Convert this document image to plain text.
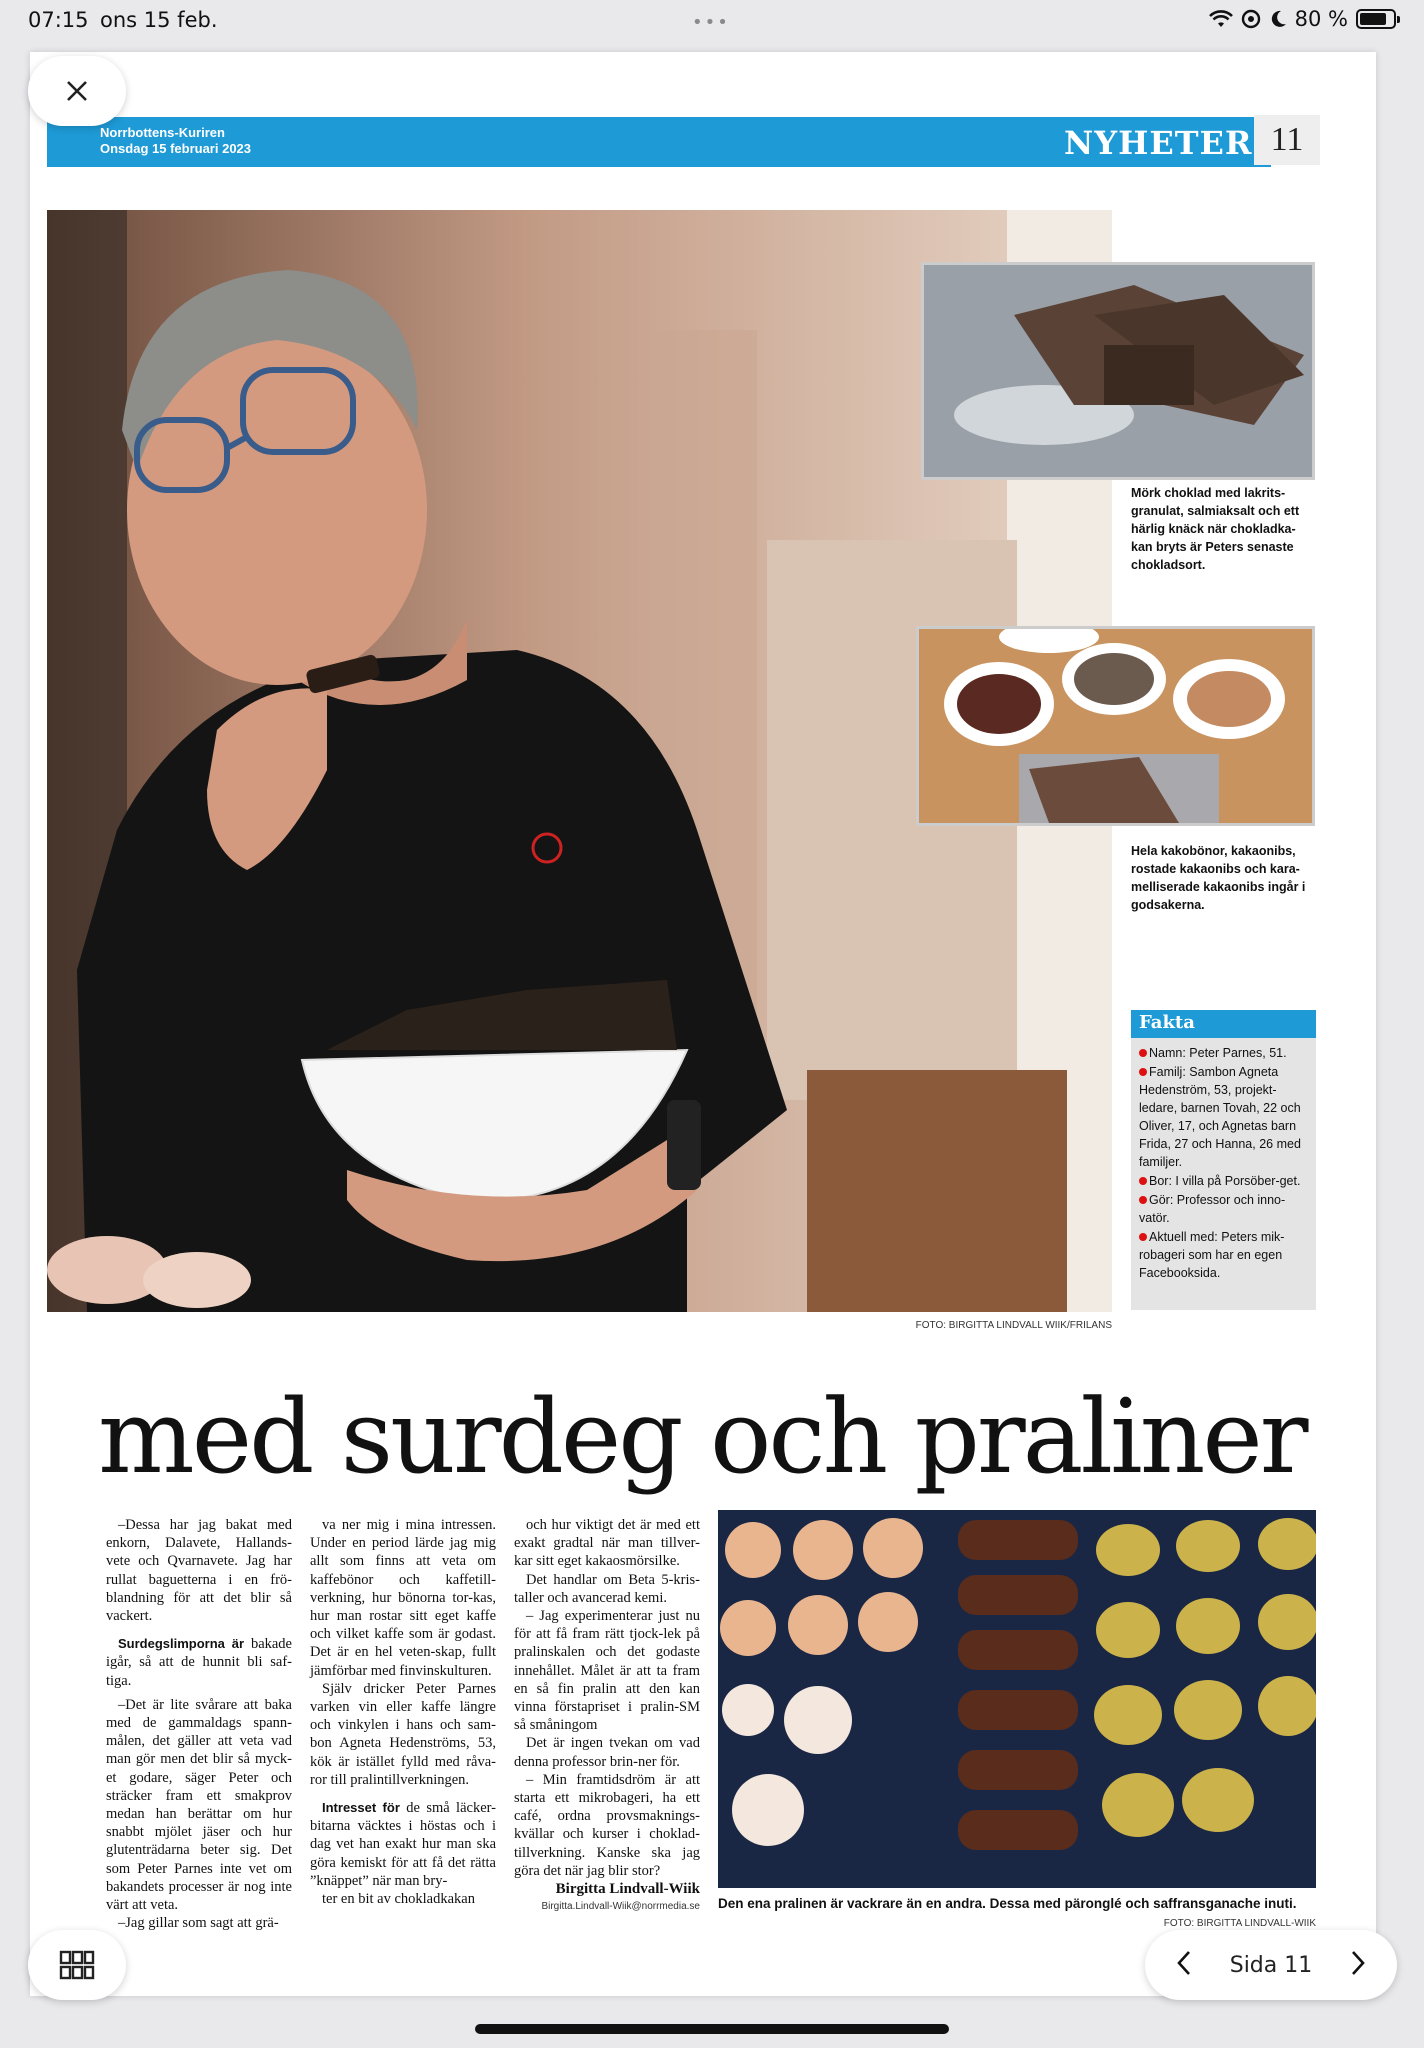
07:15 ons 15 feb.	•••	80 %
Norrbottens-Kuriren
Onsdag 15 februari 2023	NYHETER 11
FOTO: BIRGITTA LINDVALL WIIK/FRILANS
Mörk choklad med lakrits-granulat, salmiaksalt och ett härlig knäck när chokladka-kan bryts är Peters senaste chokladsort.
Hela kakobönor, kakaonibs, rostade kakaonibs och kara-melliserade kakaonibs ingår i godsakerna.
Fakta
Namn: Peter Parnes, 51.
Familj: Sambon Agneta Hedenström, 53, projekt-ledare, barnen Tovah, 22 och Oliver, 17, och Agnetas barn Frida, 27 och Hanna, 26 med familjer.
Bor: I villa på Porsöber-get.
Gör: Professor och inno-vatör.
Aktuell med: Peters mik-robageri som har en egen Facebooksida.
med surdeg och praliner

–Dessa har jag bakat med enkorn, Dalavete, Hallands-vete och Qvarnavete. Jag har rullat baguetterna i en frö-blandning för att det blir så vackert.

Surdegslimporna är bakade igår, så att de hunnit bli saf-tiga.

–Det är lite svårare att baka med de gammaldags spann-målen, det gäller att veta vad man gör men det blir så myck-et godare, säger Peter och sträcker fram ett smakprov medan han berättar om hur snabbt mjölet jäser och hur glutenträdarna beter sig. Det som Peter Parnes inte vet om bakandets processer är nog inte värt att veta.

–Jag gillar som sagt att grä-

va ner mig i mina intressen. Under en period lärde jag mig allt som finns att veta om kaffebönor och kaffetill-verkning, hur bönorna tor-kas, hur man rostar sitt eget kaffe och vilket kaffe som är godast. Det är en hel veten-skap, fullt jämförbar med finvinskulturen.

Själv dricker Peter Parnes varken vin eller kaffe längre och vinkylen i hans och sam-bon Agneta Hedenströms, 53, kök är istället fylld med råva-ror till pralintillverkningen.

Intresset för de små läcker-bitarna väcktes i höstas och i dag vet han exakt hur man ska göra kemiskt för att få det rätta ”knäppet” när man bry-

ter en bit av chokladkakan

och hur viktigt det är med ett exakt gradtal när man tillver-kar sitt eget kakaosmörsilke.

Det handlar om Beta 5-kris-taller och avancerad kemi.

– Jag experimenterar just nu för att få fram rätt tjock-lek på pralinskalen och det godaste innehållet. Målet är att ta fram en så fin pralin att den kan vinna förstapriset i pralin-SM så småningom

Det är ingen tvekan om vad denna professor brin-ner för.

– Min framtidsdröm är att starta ett mikrobageri, ha ett café, ordna provsmaknings-kvällar och kurser i choklad-tillverkning. Kanske ska jag göra det när jag blir stor?

Birgitta Lindvall-Wiik
Birgitta.Lindvall-Wiik@norrmedia.se Den ena pralinen är vackrare än en andra. Dessa med päronglé och saffransganache inuti.
FOTO: BIRGITTA LINDVALL-WIIK
Sida 11
